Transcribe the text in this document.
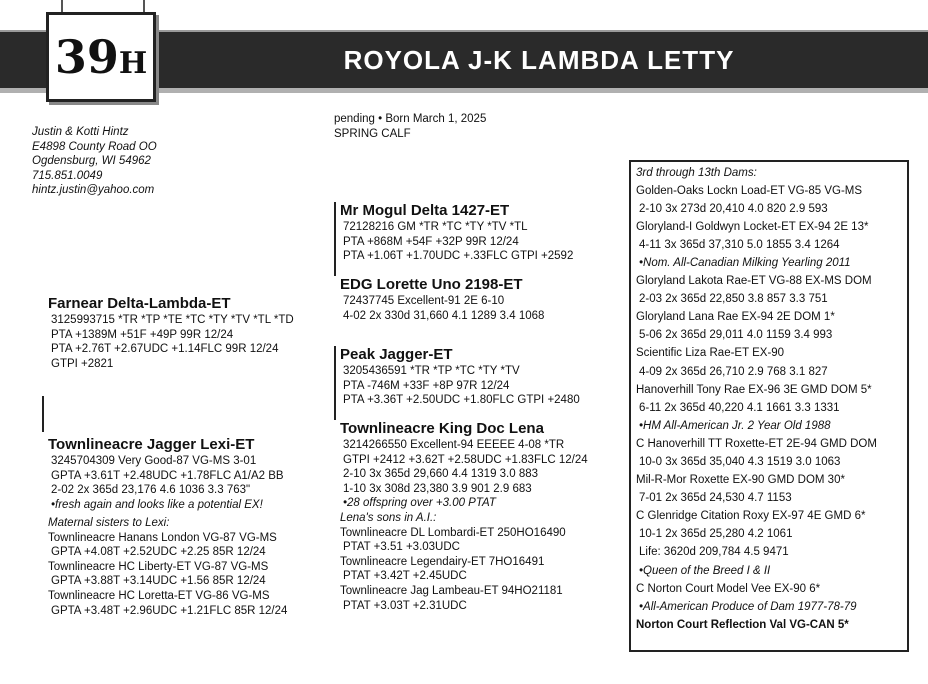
ROYOLA J-K LAMBDA LETTY
39H
Justin & Kotti Hintz
E4898 County Road OO
Ogdensburg, WI 54962
715.851.0049
hintz.justin@yahoo.com
pending • Born March 1, 2025
SPRING CALF
Farnear Delta-Lambda-ET
3125993715 *TR *TP *TE *TC *TY *TV *TL *TD
PTA +1389M +51F +49P 99R 12/24
PTA +2.76T +2.67UDC +1.14FLC 99R 12/24
GTPI +2821
Townlineacre Jagger Lexi-ET
3245704309 Very Good-87 VG-MS 3-01
GPTA +3.61T +2.48UDC +1.78FLC A1/A2 BB
2-02 2x 365d 23,176 4.6 1036 3.3 763"
•fresh again and looks like a potential EX!
Maternal sisters to Lexi:
Townlineacre Hanans London VG-87 VG-MS
GPTA +4.08T +2.52UDC +2.25 85R 12/24
Townlineacre HC Liberty-ET VG-87 VG-MS
GPTA +3.88T +3.14UDC +1.56 85R 12/24
Townlineacre HC Loretta-ET VG-86 VG-MS
GPTA +3.48T +2.96UDC +1.21FLC 85R 12/24
Mr Mogul Delta 1427-ET
72128216 GM *TR *TC *TY *TV *TL
PTA +868M +54F +32P 99R 12/24
PTA +1.06T +1.70UDC +.33FLC GTPI +2592
EDG Lorette Uno 2198-ET
72437745 Excellent-91 2E 6-10
4-02 2x 330d 31,660 4.1 1289 3.4 1068
Peak Jagger-ET
3205436591 *TR *TP *TC *TY *TV
PTA -746M +33F +8P 97R 12/24
PTA +3.36T +2.50UDC +1.80FLC GTPI +2480
Townlineacre King Doc Lena
3214266550 Excellent-94 EEEEE 4-08 *TR
GTPI +2412 +3.62T +2.58UDC +1.83FLC 12/24
2-10 3x 365d 29,660 4.4 1319 3.0 883
1-10 3x 308d 23,380 3.9 901 2.9 683
•28 offspring over +3.00 PTAT
Lena's sons in A.I.:
Townlineacre DL Lombardi-ET 250HO16490
PTAT +3.51 +3.03UDC
Townlineacre Legendairy-ET 7HO16491
PTAT +3.42T +2.45UDC
Townlineacre Jag Lambeau-ET 94HO21181
PTAT +3.03T +2.31UDC
3rd through 13th Dams:
Golden-Oaks Lockn Load-ET VG-85 VG-MS
2-10 3x 273d 20,410 4.0 820 2.9 593
Gloryland-I Goldwyn Locket-ET EX-94 2E 13*
4-11 3x 365d 37,310 5.0 1855 3.4 1264
•Nom. All-Canadian Milking Yearling 2011
Gloryland Lakota Rae-ET VG-88 EX-MS DOM
2-03 2x 365d 22,850 3.8 857 3.3 751
Gloryland Lana Rae EX-94 2E DOM 1*
5-06 2x 365d 29,011 4.0 1159 3.4 993
Scientific Liza Rae-ET EX-90
4-09 2x 365d 26,710 2.9 768 3.1 827
Hanoverhill Tony Rae EX-96 3E GMD DOM 5*
6-11 2x 365d 40,220 4.1 1661 3.3 1331
•HM All-American Jr. 2 Year Old 1988
C Hanoverhill TT Roxette-ET 2E-94 GMD DOM
10-0 3x 365d 35,040 4.3 1519 3.0 1063
Mil-R-Mor Roxette EX-90 GMD DOM 30*
7-01 2x 365d 24,530 4.7 1153
C Glenridge Citation Roxy EX-97 4E GMD 6*
10-1 2x 365d 25,280 4.2 1061
Life: 3620d 209,784 4.5 9471
•Queen of the Breed I & II
C Norton Court Model Vee EX-90 6*
•All-American Produce of Dam 1977-78-79
Norton Court Reflection Val VG-CAN 5*
